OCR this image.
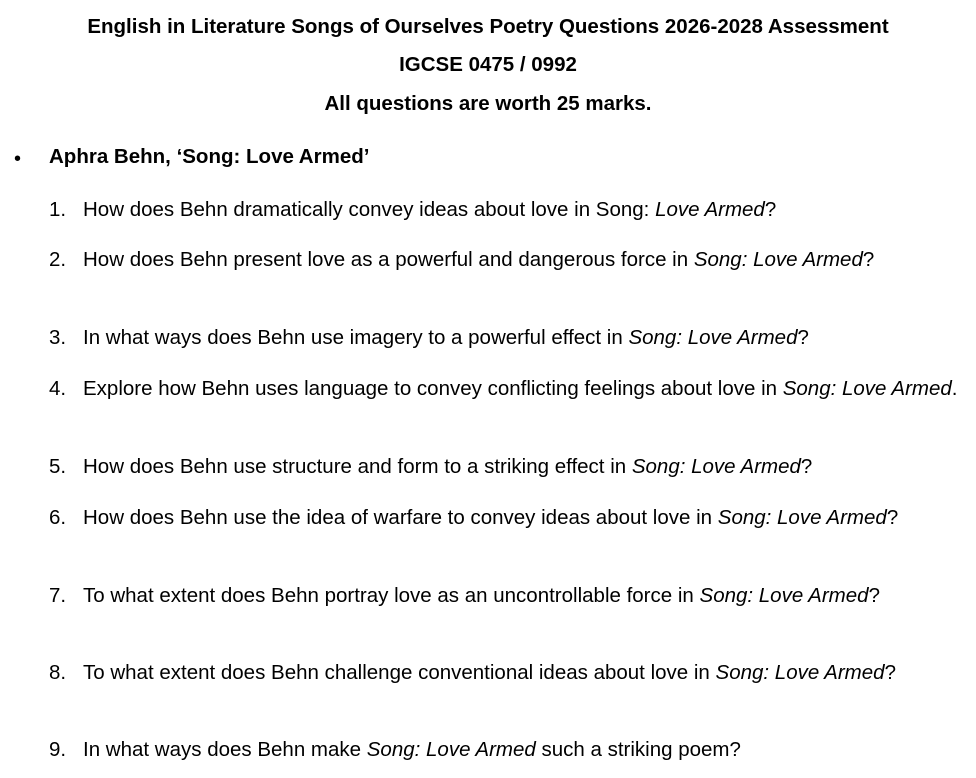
English in Literature Songs of Ourselves Poetry Questions 2026-2028 Assessment
IGCSE 0475 / 0992
All questions are worth 25 marks.
• Aphra Behn, ‘Song: Love Armed’
1. How does Behn dramatically convey ideas about love in Song: Love Armed?
2. How does Behn present love as a powerful and dangerous force in Song: Love Armed?
3. In what ways does Behn use imagery to a powerful effect in Song: Love Armed?
4. Explore how Behn uses language to convey conflicting feelings about love in Song: Love Armed.
5. How does Behn use structure and form to a striking effect in Song: Love Armed?
6. How does Behn use the idea of warfare to convey ideas about love in Song: Love Armed?
7. To what extent does Behn portray love as an uncontrollable force in Song: Love Armed?
8. To what extent does Behn challenge conventional ideas about love in Song: Love Armed?
9. In what ways does Behn make Song: Love Armed such a striking poem?
